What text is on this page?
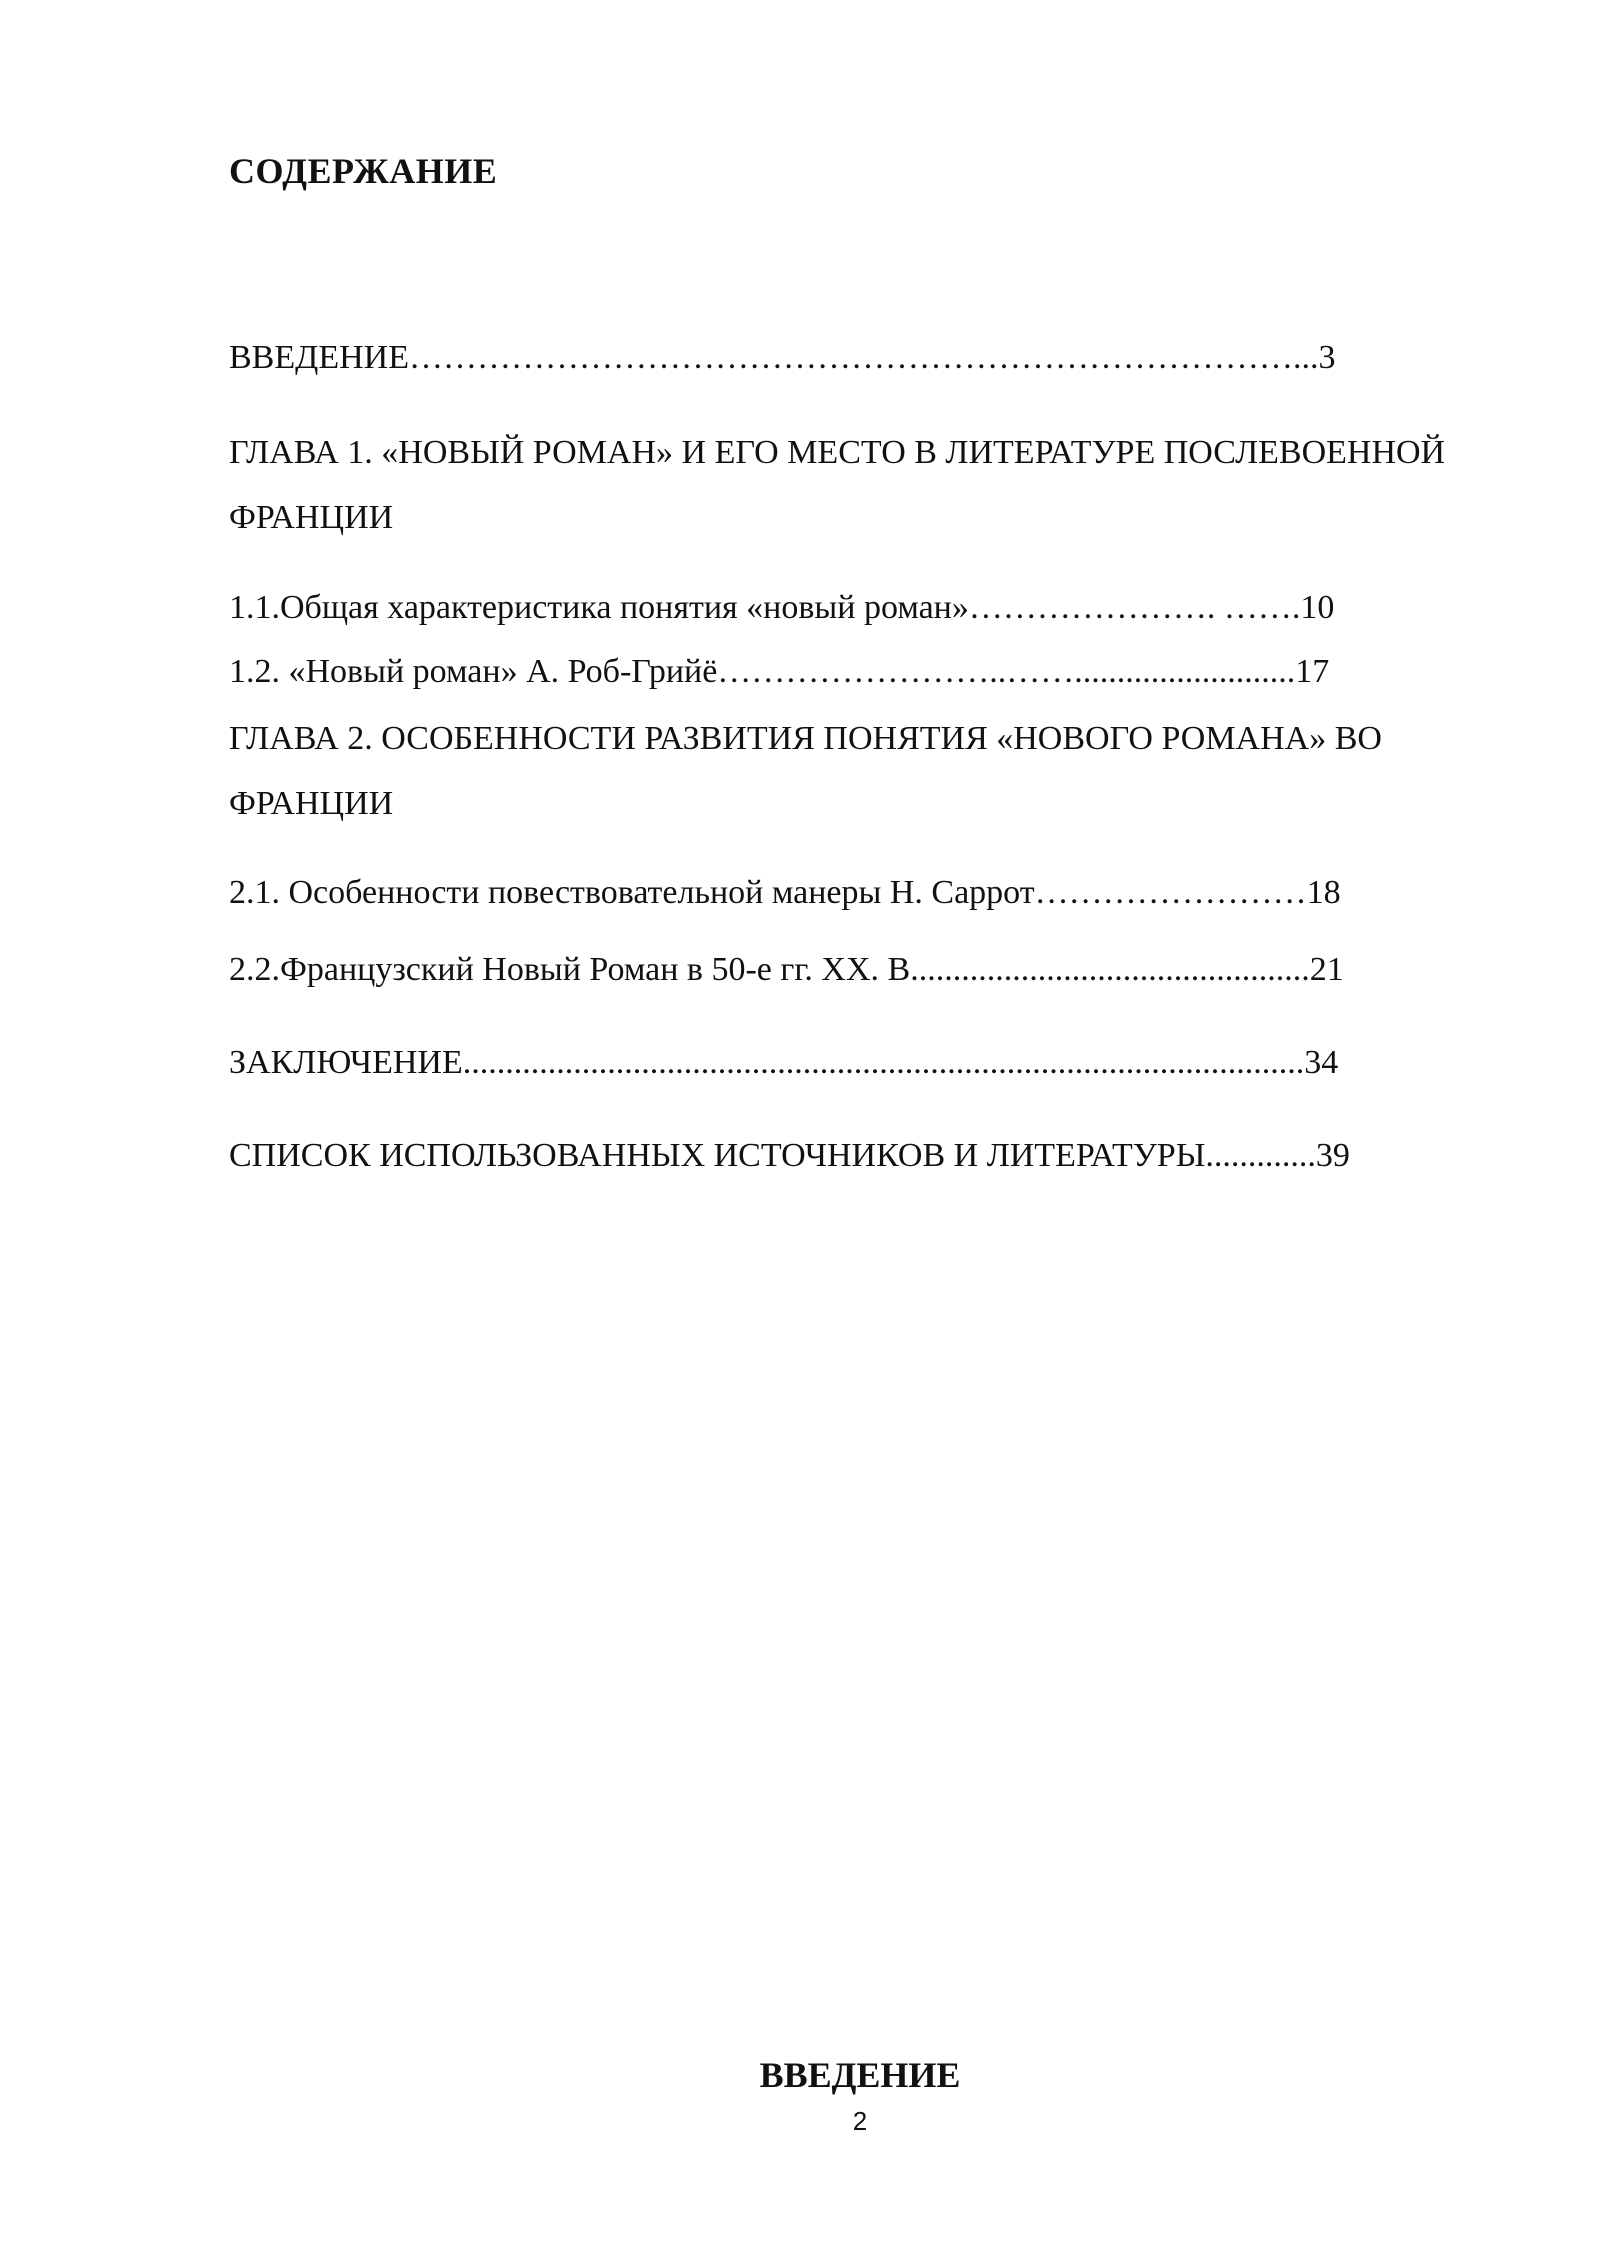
СОДЕРЖАНИЕ

ВВЕДЕНИЕ……………………………………………………………………...3

ГЛАВА 1. «НОВЫЙ РОМАН» И ЕГО МЕСТО В ЛИТЕРАТУРЕ ПОСЛЕВОЕННОЙ ФРАНЦИИ

1.1.Общая характеристика понятия «новый роман»…………………. …….10

1.2. «Новый роман» А. Роб-Грийё……………………..……..........................17

ГЛАВА 2. ОСОБЕННОСТИ РАЗВИТИЯ ПОНЯТИЯ «НОВОГО РОМАНА» ВО ФРАНЦИИ

2.1. Особенности повествовательной манеры Н. Саррот……………………18

2.2.Французский Новый Роман в 50-е гг. XX. В...............................................21

ЗАКЛЮЧЕНИЕ...................................................................................................34

СПИСОК ИСПОЛЬЗОВАННЫХ ИСТОЧНИКОВ И ЛИТЕРАТУРЫ.............39

ВВЕДЕНИЕ

2
